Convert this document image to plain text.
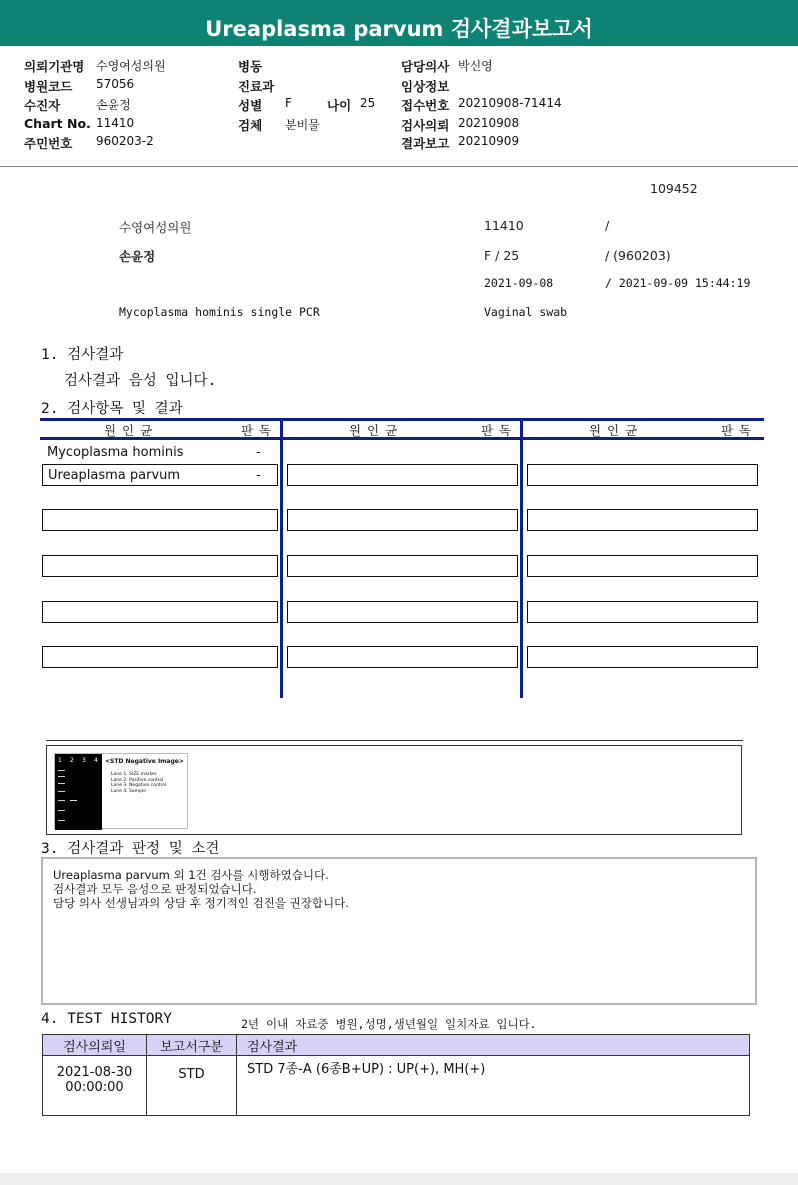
Ureaplasma parvum 검사결과보고서
의뢰기관명 수영여성의원
병원코드 57056
수진자	손윤정
Chart No. 11410
주민번호 960203-2
병동
진료과
성별 F	나이 25
검체 분비물
담당의사 박신영
임상정보
접수번호 20210908-71414
검사의뢰 20210908
결과보고 20210909
109452
수영여성의원	11410	/
손윤정	F / 25	/ (960203)
2021-09-08	/ 2021-09-09 15:44:19
Mycoplasma hominis single PCR	Vaginal swab
1. 검사결과
검사결과 음성 입니다.
2. 검사항목 및 결과
원 인 균	판 독	원 인 균	판 독	원 인 균	판 독
Mycoplasma hominis	-
Ureaplasma parvum	-
1 2 3 4 <STD Negative Image>
Lane 1. SIZE marker
Lane 2. Positive control
Lane 3. Negative control
Lane 4. Sample
3. 검사결과 판정 및 소견

Ureaplasma parvum 외 1건 검사를 시행하였습니다.

검사결과 모두 음성으로 판정되었습니다.

담당 의사 선생님과의 상담 후 정기적인 검진을 권장합니다.

4. TEST HISTORY	2년 이내 자료중 병원,성명,생년월일 일치자료 입니다.
검사의뢰일	보고서구분	검사결과

2021-08-30
00:00:00	STD	STD 7종-A (6종B+UP) : UP(+), MH(+)
